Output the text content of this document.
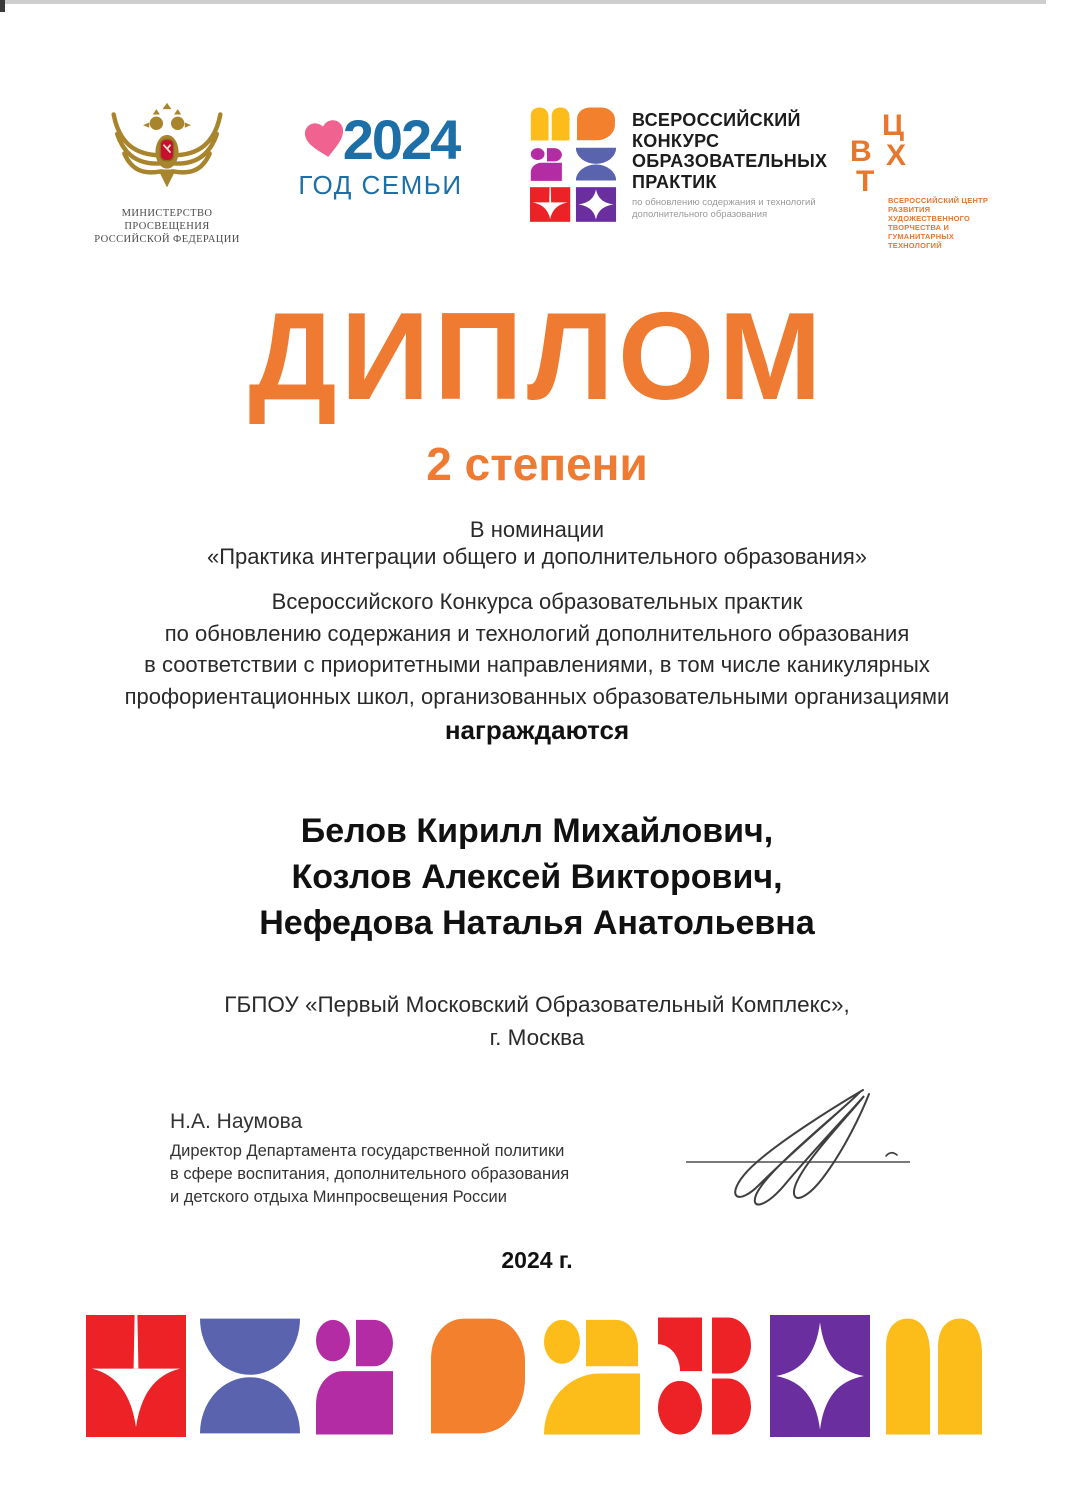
МИНИСТЕРСТВО ПРОСВЕЩЕНИЯ
РОССИЙСКОЙ ФЕДЕРАЦИИ
2024
ГОД СЕМЬИ
ВСЕРОССИЙСКИЙ
КОНКУРС
ОБРАЗОВАТЕЛЬНЫХ
ПРАКТИК
по обновлению содержания и технологий
дополнительного образования
Ц
В Х
Т
ВСЕРОССИЙСКИЙ ЦЕНТР
РАЗВИТИЯ ХУДОЖЕСТВЕННОГО
ТВОРЧЕСТВА И ГУМАНИТАРНЫХ
ТЕХНОЛОГИЙ
ДИПЛОМ
2 степени
В номинации
«Практика интеграции общего и дополнительного образования»
Всероссийского Конкурса образовательных практик
по обновлению содержания и технологий дополнительного образования
в соответствии с приоритетными направлениями, в том числе каникулярных
профориентационных школ, организованных образовательными организациями
награждаются
Белов Кирилл Михайлович,
Козлов Алексей Викторович,
Нефедова Наталья Анатольевна
ГБПОУ «Первый Московский Образовательный Комплекс»,
г. Москва
Н.А. Наумова
Директор Департамента государственной политики
в сфере воспитания, дополнительного образования
и детского отдыха Минпросвещения России
2024 г.
